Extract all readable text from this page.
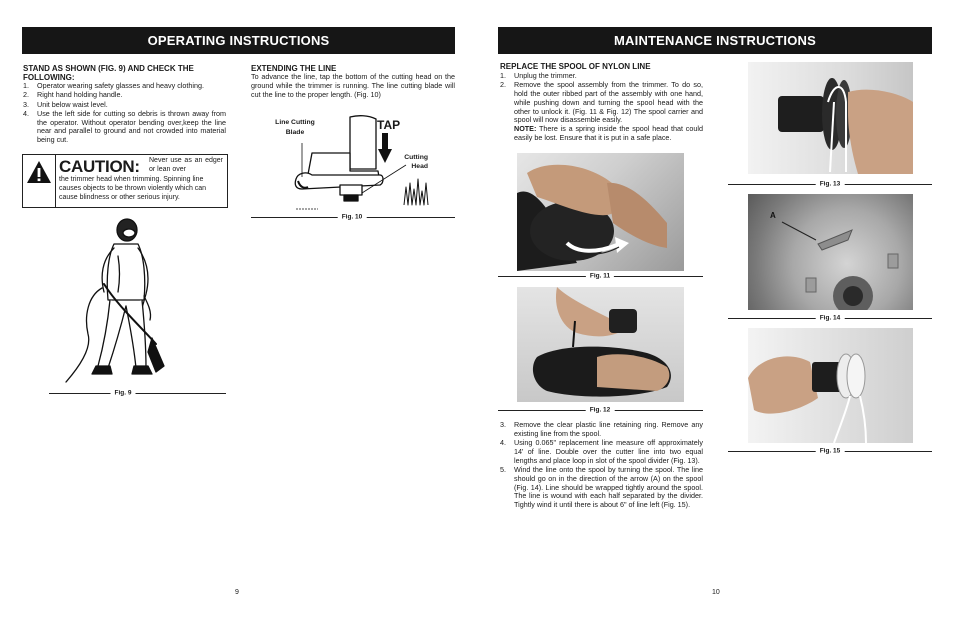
OPERATING INSTRUCTIONS
STAND AS SHOWN (FIG. 9) AND CHECK THE FOLLOWING:
1. Operator wearing safety glasses and heavy clothing.
2. Right hand holding handle.
3. Unit below waist level.
4. Use the left side for cutting so debris is thrown away from the operator. Without operator bending over,keep the line near and parallel to ground and not crowded into material being cut.
CAUTION: Never use as an edger or lean over
the trimmer head when trimming. Spinning line causes objects to be thrown violently which can cause blindness or other serious injury.
Fig. 9
EXTENDING THE LINE
To advance the line, tap the bottom of the cutting head on the ground while the trimmer is running. The line cutting blade will cut the line to the proper length. (Fig. 10)
Line Cutting Blade
TAP
Cutting Head
Fig. 10
9
MAINTENANCE INSTRUCTIONS
REPLACE THE SPOOL OF NYLON LINE
1. Unplug the trimmer.
2. Remove the spool assembly from the trimmer. To do so, hold the outer ribbed part of the assembly with one hand, while pushing down and turning the spool head with the other to unlock it. (Fig. 11 & Fig. 12) The spool carrier and spool will now disassemble easily.
NOTE: There is a spring inside the spool head that could easily be lost. Ensure that it is put in a safe place.
Fig. 11
Fig. 12
3. Remove the clear plastic line retaining ring. Remove any existing line from the spool.
4. Using 0.065" replacement line measure off approximately 14' of line. Double over the cutter line into two equal lengths and place loop in slot of the spool divider (Fig. 13).
5. Wind the line onto the spool by turning the spool. The line should go on in the direction of the arrow (A) on the spool (Fig. 14). Line should be wrapped tightly around the spool. The line is wound with each half separated by the divider. Tightly wind it until there is about 6" of line left (Fig. 15).
Fig. 13
A
Fig. 14
Fig. 15
10
